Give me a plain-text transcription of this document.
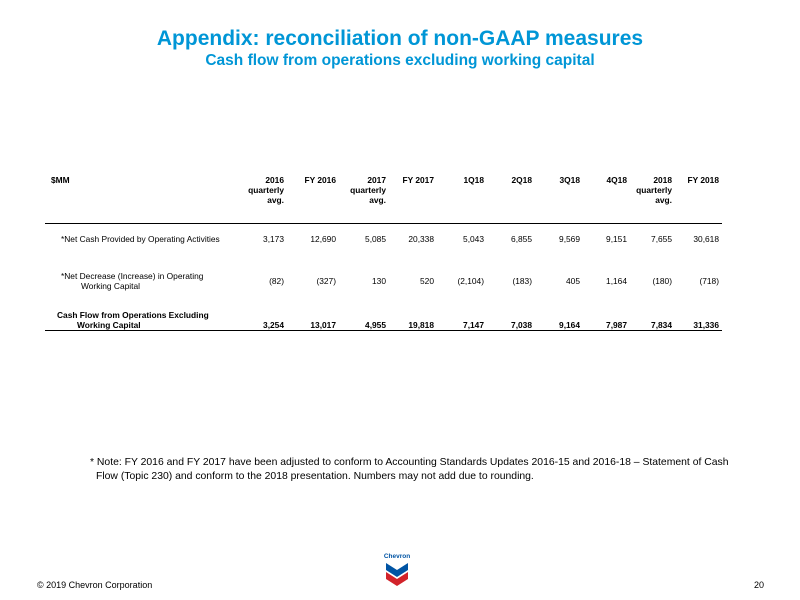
Appendix: reconciliation of non-GAAP measures
Cash flow from operations excluding working capital
$MM	2016
quarterly
avg.	FY 2016	2017
quarterly
avg.	FY 2017	1Q18	2Q18	3Q18	4Q18	2018
quarterly
avg.	FY 2018
*Net Cash Provided by Operating Activities	3,173	12,690	5,085	20,338	5,043	6,855	9,569	9,151	7,655	30,618
*Net Decrease (Increase) in Operating
Working Capital	(82)	(327)	130	520	(2,104)	(183)	405	1,164	(180)	(718)
Cash Flow from Operations Excluding
Working Capital	3,254	13,017	4,955	19,818	7,147	7,038	9,164	7,987	7,834	31,336
* Note: FY 2016 and FY 2017 have been adjusted to conform to Accounting Standards Updates 2016-15 and 2016-18 – Statement of Cash
Flow (Topic 230) and conform to the 2018 presentation. Numbers may not add due to rounding.
Chevron
© 2019 Chevron Corporation	20
